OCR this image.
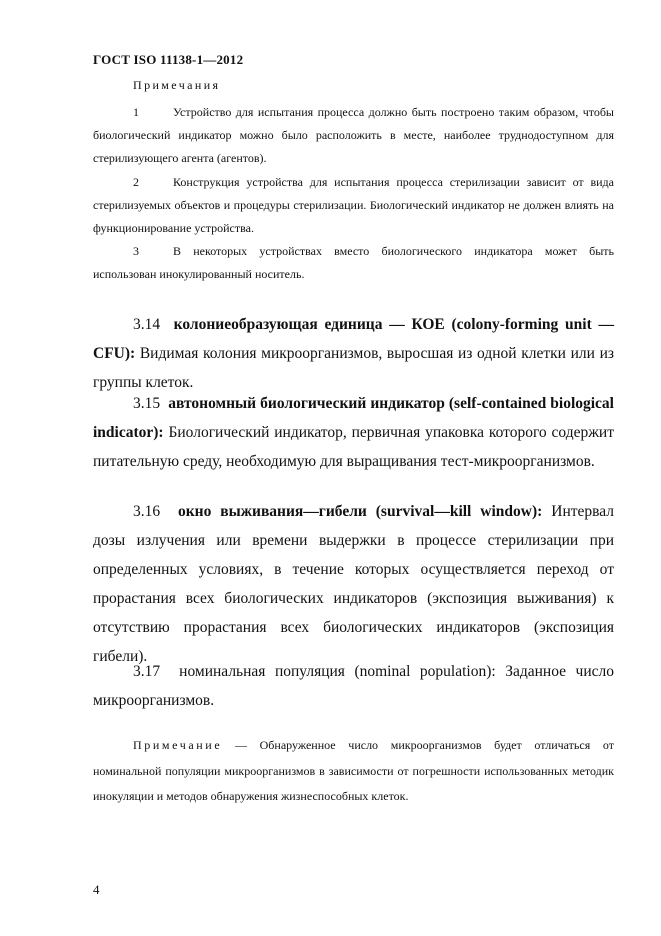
ГОСТ ISO 11138-1—2012
Примечания
1	Устройство для испытания процесса должно быть построено таким образом, чтобы биологический индикатор можно было расположить в месте, наиболее труднодоступном для стерилизующего агента (агентов).
2	Конструкция устройства для испытания процесса стерилизации зависит от вида стерилизуемых объектов и процедуры стерилизации. Биологический индикатор не должен влиять на функционирование устройства.
3	В некоторых устройствах вместо биологического индикатора может быть использован инокулированный носитель.
3.14 колониеобразующая единица — КОЕ (colony-forming unit — CFU): Видимая колония микроорганизмов, выросшая из одной клетки или из группы клеток.
3.15 автономный биологический индикатор (self-contained biological indicator): Биологический индикатор, первичная упаковка которого содержит питательную среду, необходимую для выращивания тест-микроорганизмов.
3.16 окно выживания—гибели (survival—kill window): Интервал дозы излучения или времени выдержки в процессе стерилизации при определенных условиях, в течение которых осуществляется переход от прорастания всех биологических индикаторов (экспозиция выживания) к отсутствию прорастания всех биологических индикаторов (экспозиция гибели).
3.17 номинальная популяция (nominal population): Заданное число микроорганизмов.
Примечание — Обнаруженное число микроорганизмов будет отличаться от номинальной популяции микроорганизмов в зависимости от погрешности использованных методик инокуляции и методов обнаружения жизнеспособных клеток.
4
